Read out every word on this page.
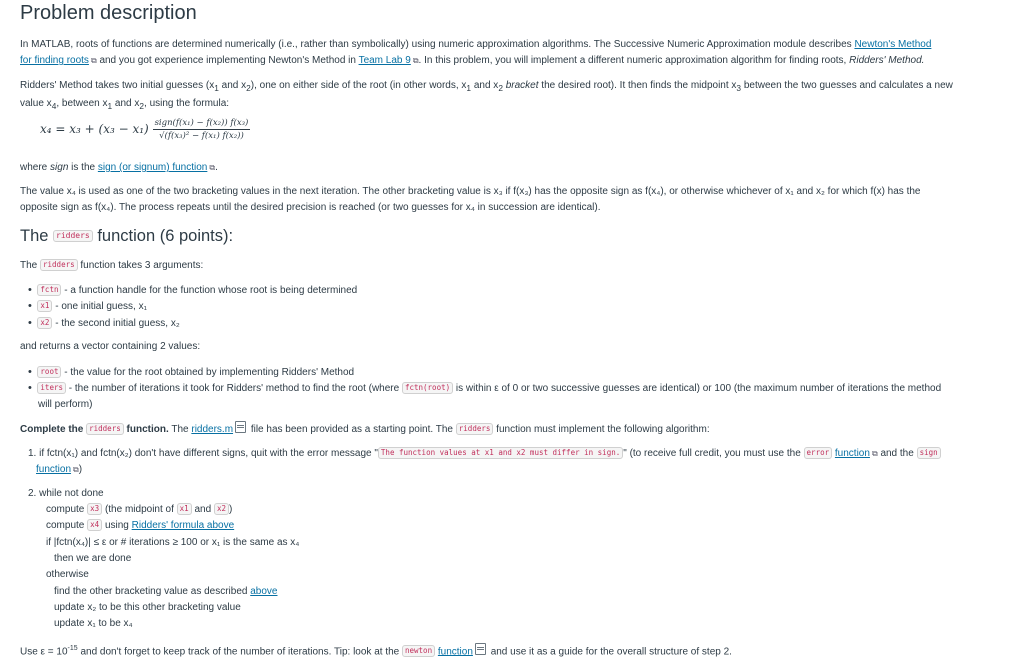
Problem description
In MATLAB, roots of functions are determined numerically (i.e., rather than symbolically) using numeric approximation algorithms. The Successive Numeric Approximation module describes Newton's Method
for finding roots ⧉ and you got experience implementing Newton's Method in Team Lab 9 ⧉. In this problem, you will implement a different numeric approximation algorithm for finding roots, Ridders' Method.
Ridders' Method takes two initial guesses ($x_1$ and $x_2$), one on either side of the root (in other words, $x_1$ and $x_2$ bracket the desired root). It then finds the midpoint $x_3$ between the two guesses and calculates a new
value $x_4$, between $x_1$ and $x_2$, using the formula:
$x_4 = x_3 + (x_3 - x_1) \frac{\text{sign(f(x₁) − f(x₂)) f(x₃)}}{\text{√(f(x₃)² − f(x₁) f(x₂))}}$
where sign is the sign (or signum) function ⧉.
The value x₄ is used as one of the two bracketing values in the next iteration. The other bracketing value is x₃ if f(x₃) has the opposite sign as f(x₄), or otherwise whichever of x₁ and x₂ for which f(x) has the
opposite sign as f(x₄). The process repeats until the desired precision is reached (or two guesses for x₄ in succession are identical).
The ridders function (6 points):
The ridders function takes 3 arguments:
• fctn - a function handle for the function whose root is being determined
• x1 - one initial guess, x₁
• x2 - the second initial guess, x₂
and returns a vector containing 2 values:
• root - the value for the root obtained by implementing Ridders' Method
• iters - the number of iterations it took for Ridders' method to find the root (where fctn(root) is within ε of 0 or two successive guesses are identical) or 100 (the maximum number of iterations the method
will perform)
Complete the ridders function. The ridders.m file has been provided as a starting point. The ridders function must implement the following algorithm:
1. if fctn(x₁) and fctn(x₂) don't have different signs, quit with the error message " The function values at x1 and x2 must differ in sign. " (to receive full credit, you must use the error function ⧉ and the sign
function ⧉)
2. while not done
compute x3 (the midpoint of x1 and x2 )
compute x4 using Ridders' formula above
if |fctn(x₄)| ≤ ε or # iterations ≥ 100 or x₁ is the same as x₄
then we are done
otherwise
find the other bracketing value as described above
update x₂ to be this other bracketing value
update x₁ to be x₄
Use $\varepsilon = 10^{-15}$ and don't forget to keep track of the number of iterations. Tip: look at the newton function and use it as a guide for the overall structure of step 2.
